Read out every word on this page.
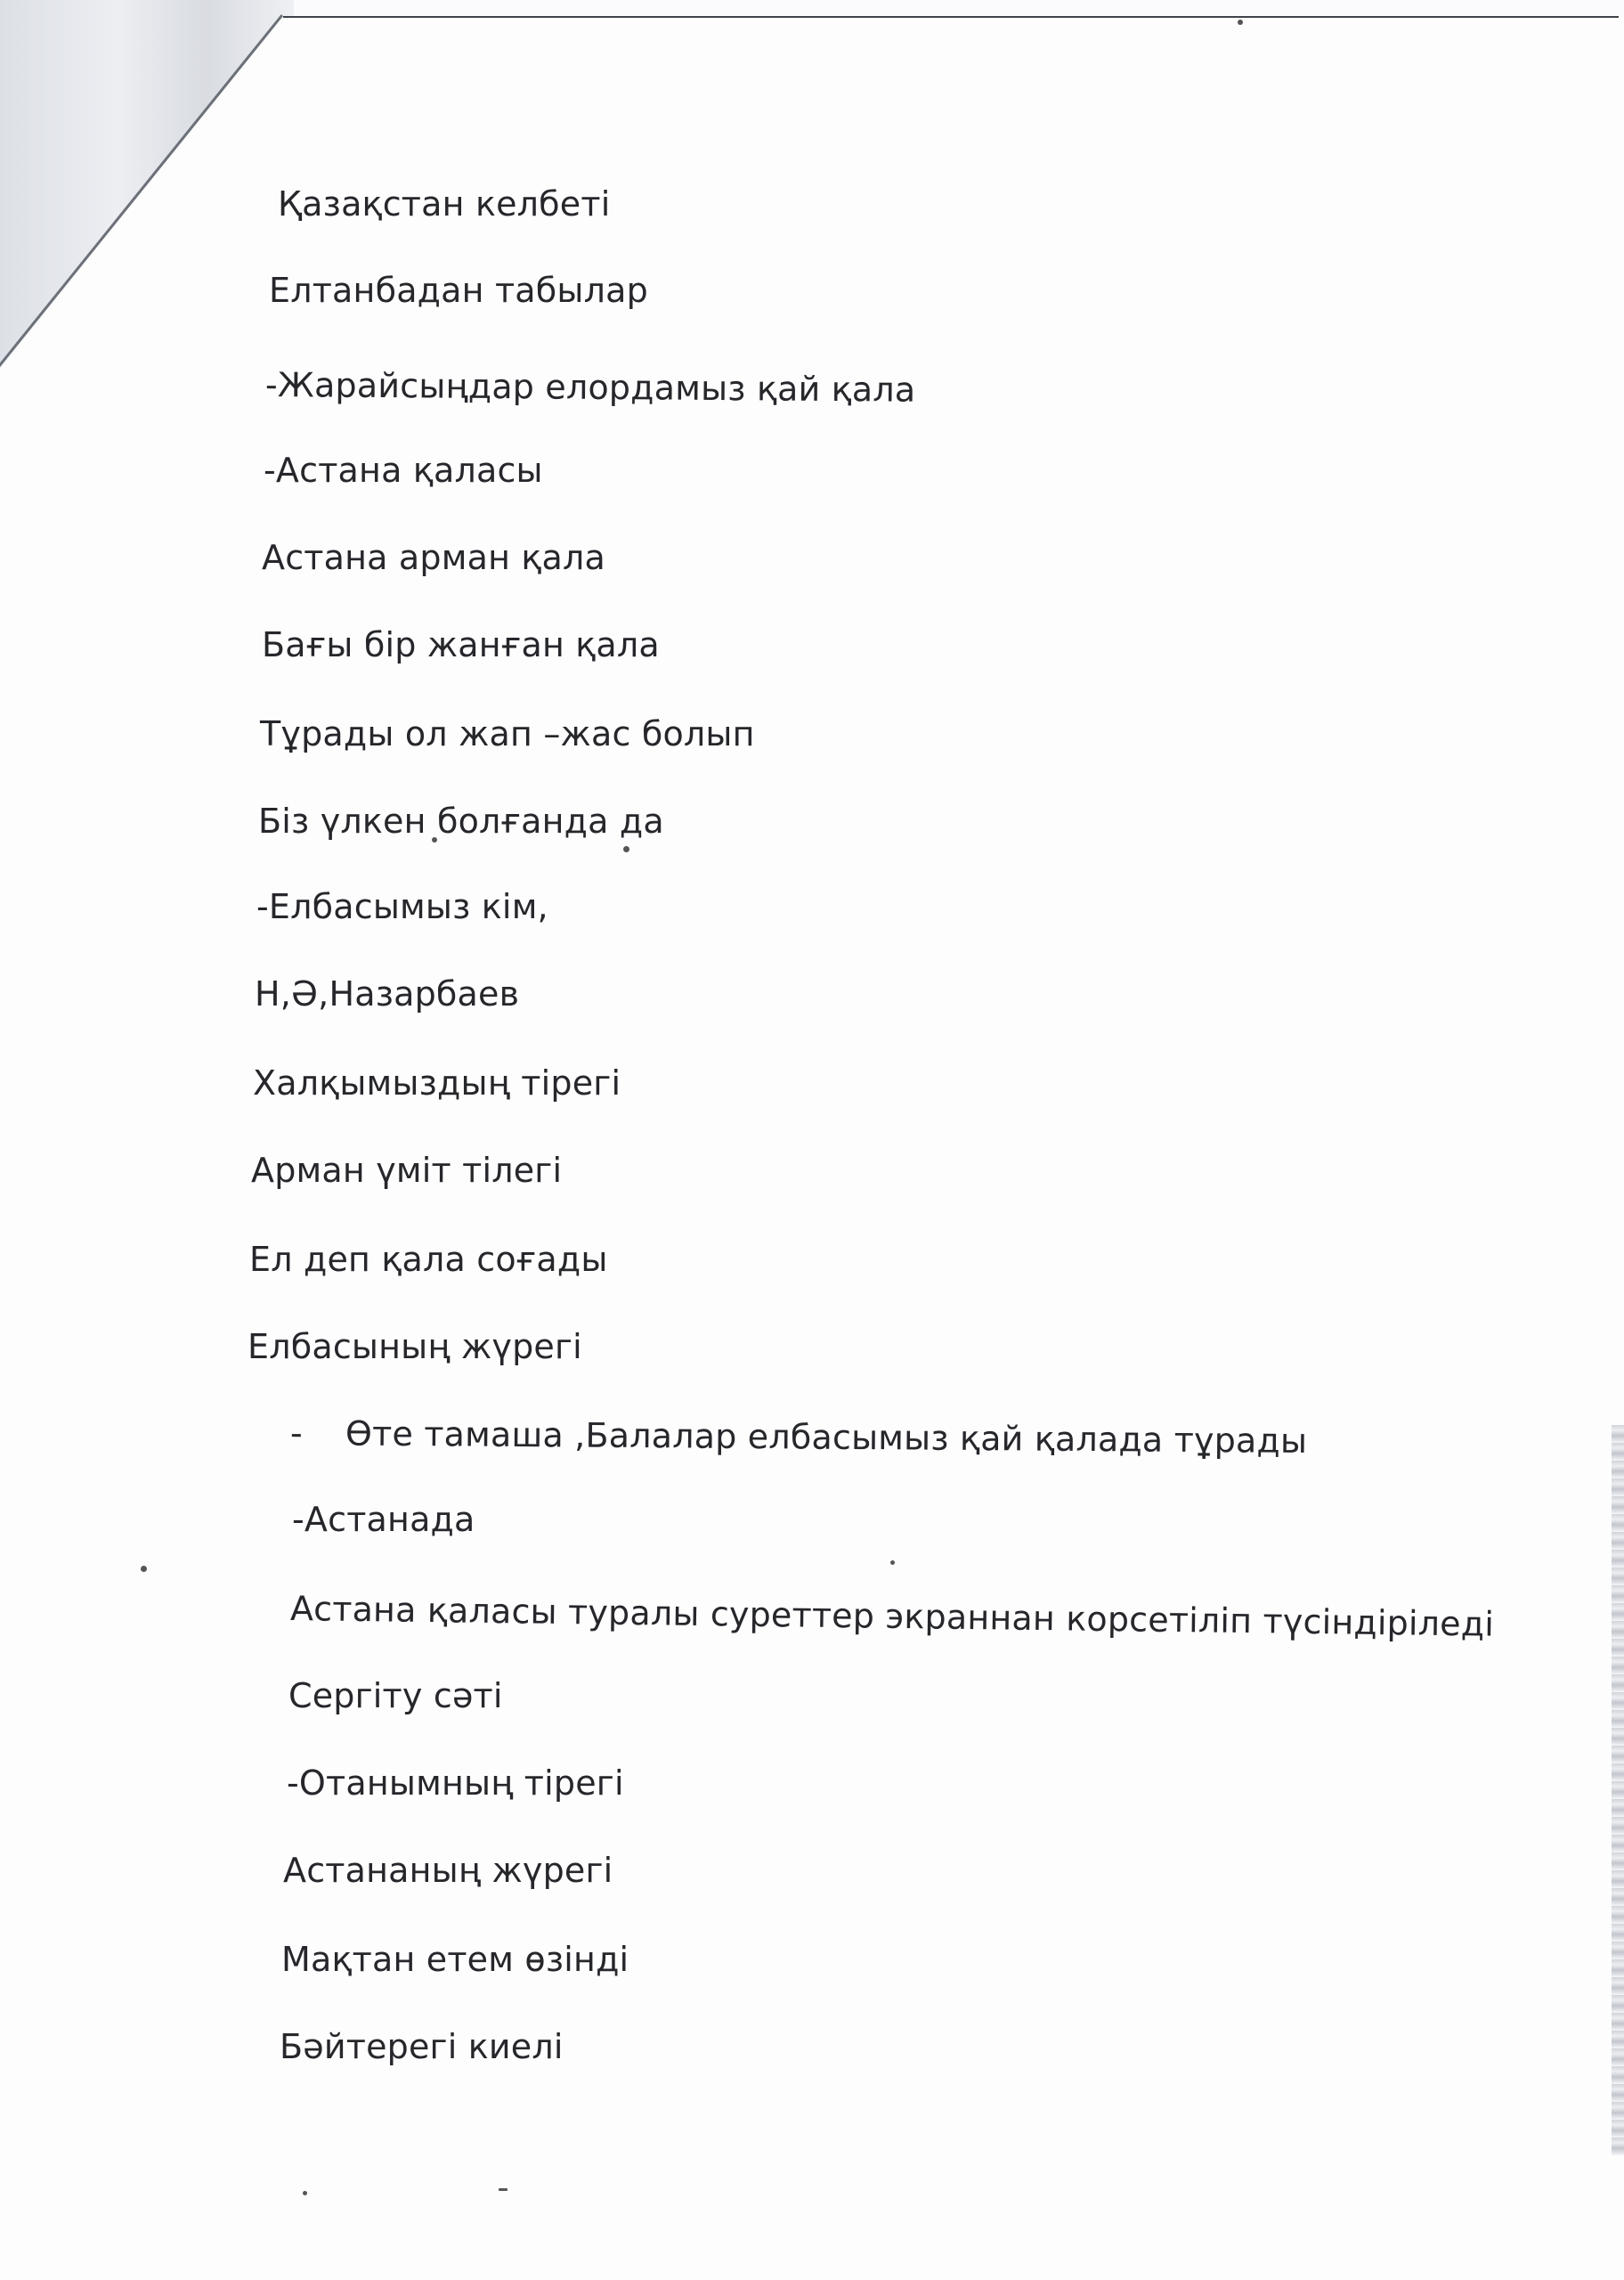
Қазақстан келбеті

Елтанбадан табылар

-Жарайсыңдар елордамыз қай қала

-Астана қаласы

Астана арман қала

Бағы бір жанған қала

Тұрады ол жап –жас болып

Біз үлкен болғанда да

-Елбасымыз кім,

Н,Ә,Назарбаев

Халқымыздың тірегі

Арман үміт тілегі

Ел деп қала соғады

Елбасының жүрегі

- Өте тамаша ,Балалар елбасымыз қай қалада тұрады

-Астанада

Астана қаласы туралы суреттер экраннан корсетіліп түсіндіріледі

Сергіту сәті

-Отанымның тірегі

Астананың жүрегі

Мақтан етем өзінді

Бәйтерегі киелі
